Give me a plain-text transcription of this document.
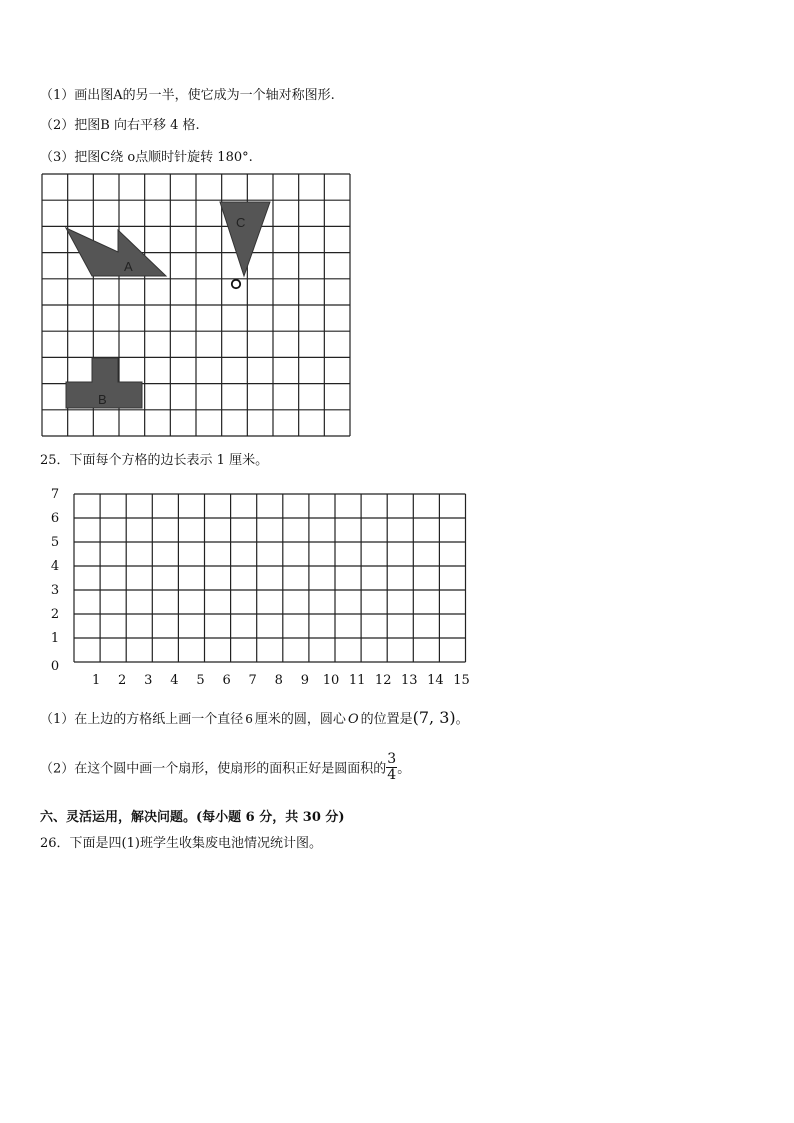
（1）画出图A的另一半，使它成为一个轴对称图形.
（2）把图B 向右平移 4 格.
（3）把图C绕 o点顺时针旋转 180°.
A
C
B
25．下面每个方格的边长表示 1 厘米。
7
6
5
4
3
2
1
0
1 2 3 4 5 6 7 8 9 10 11 12 13 14 15
（1）在上边的方格纸上画一个直径 6 厘米的圆，圆心 O 的位置是(7, 3)。
（2）在这个圆中画一个扇形，使扇形的面积正好是圆面积的 $\frac{3}{4}$ 。
六、灵活运用，解决问题。(每小题 6 分，共 30 分)
26．下面是四(1)班学生收集废电池情况统计图。
